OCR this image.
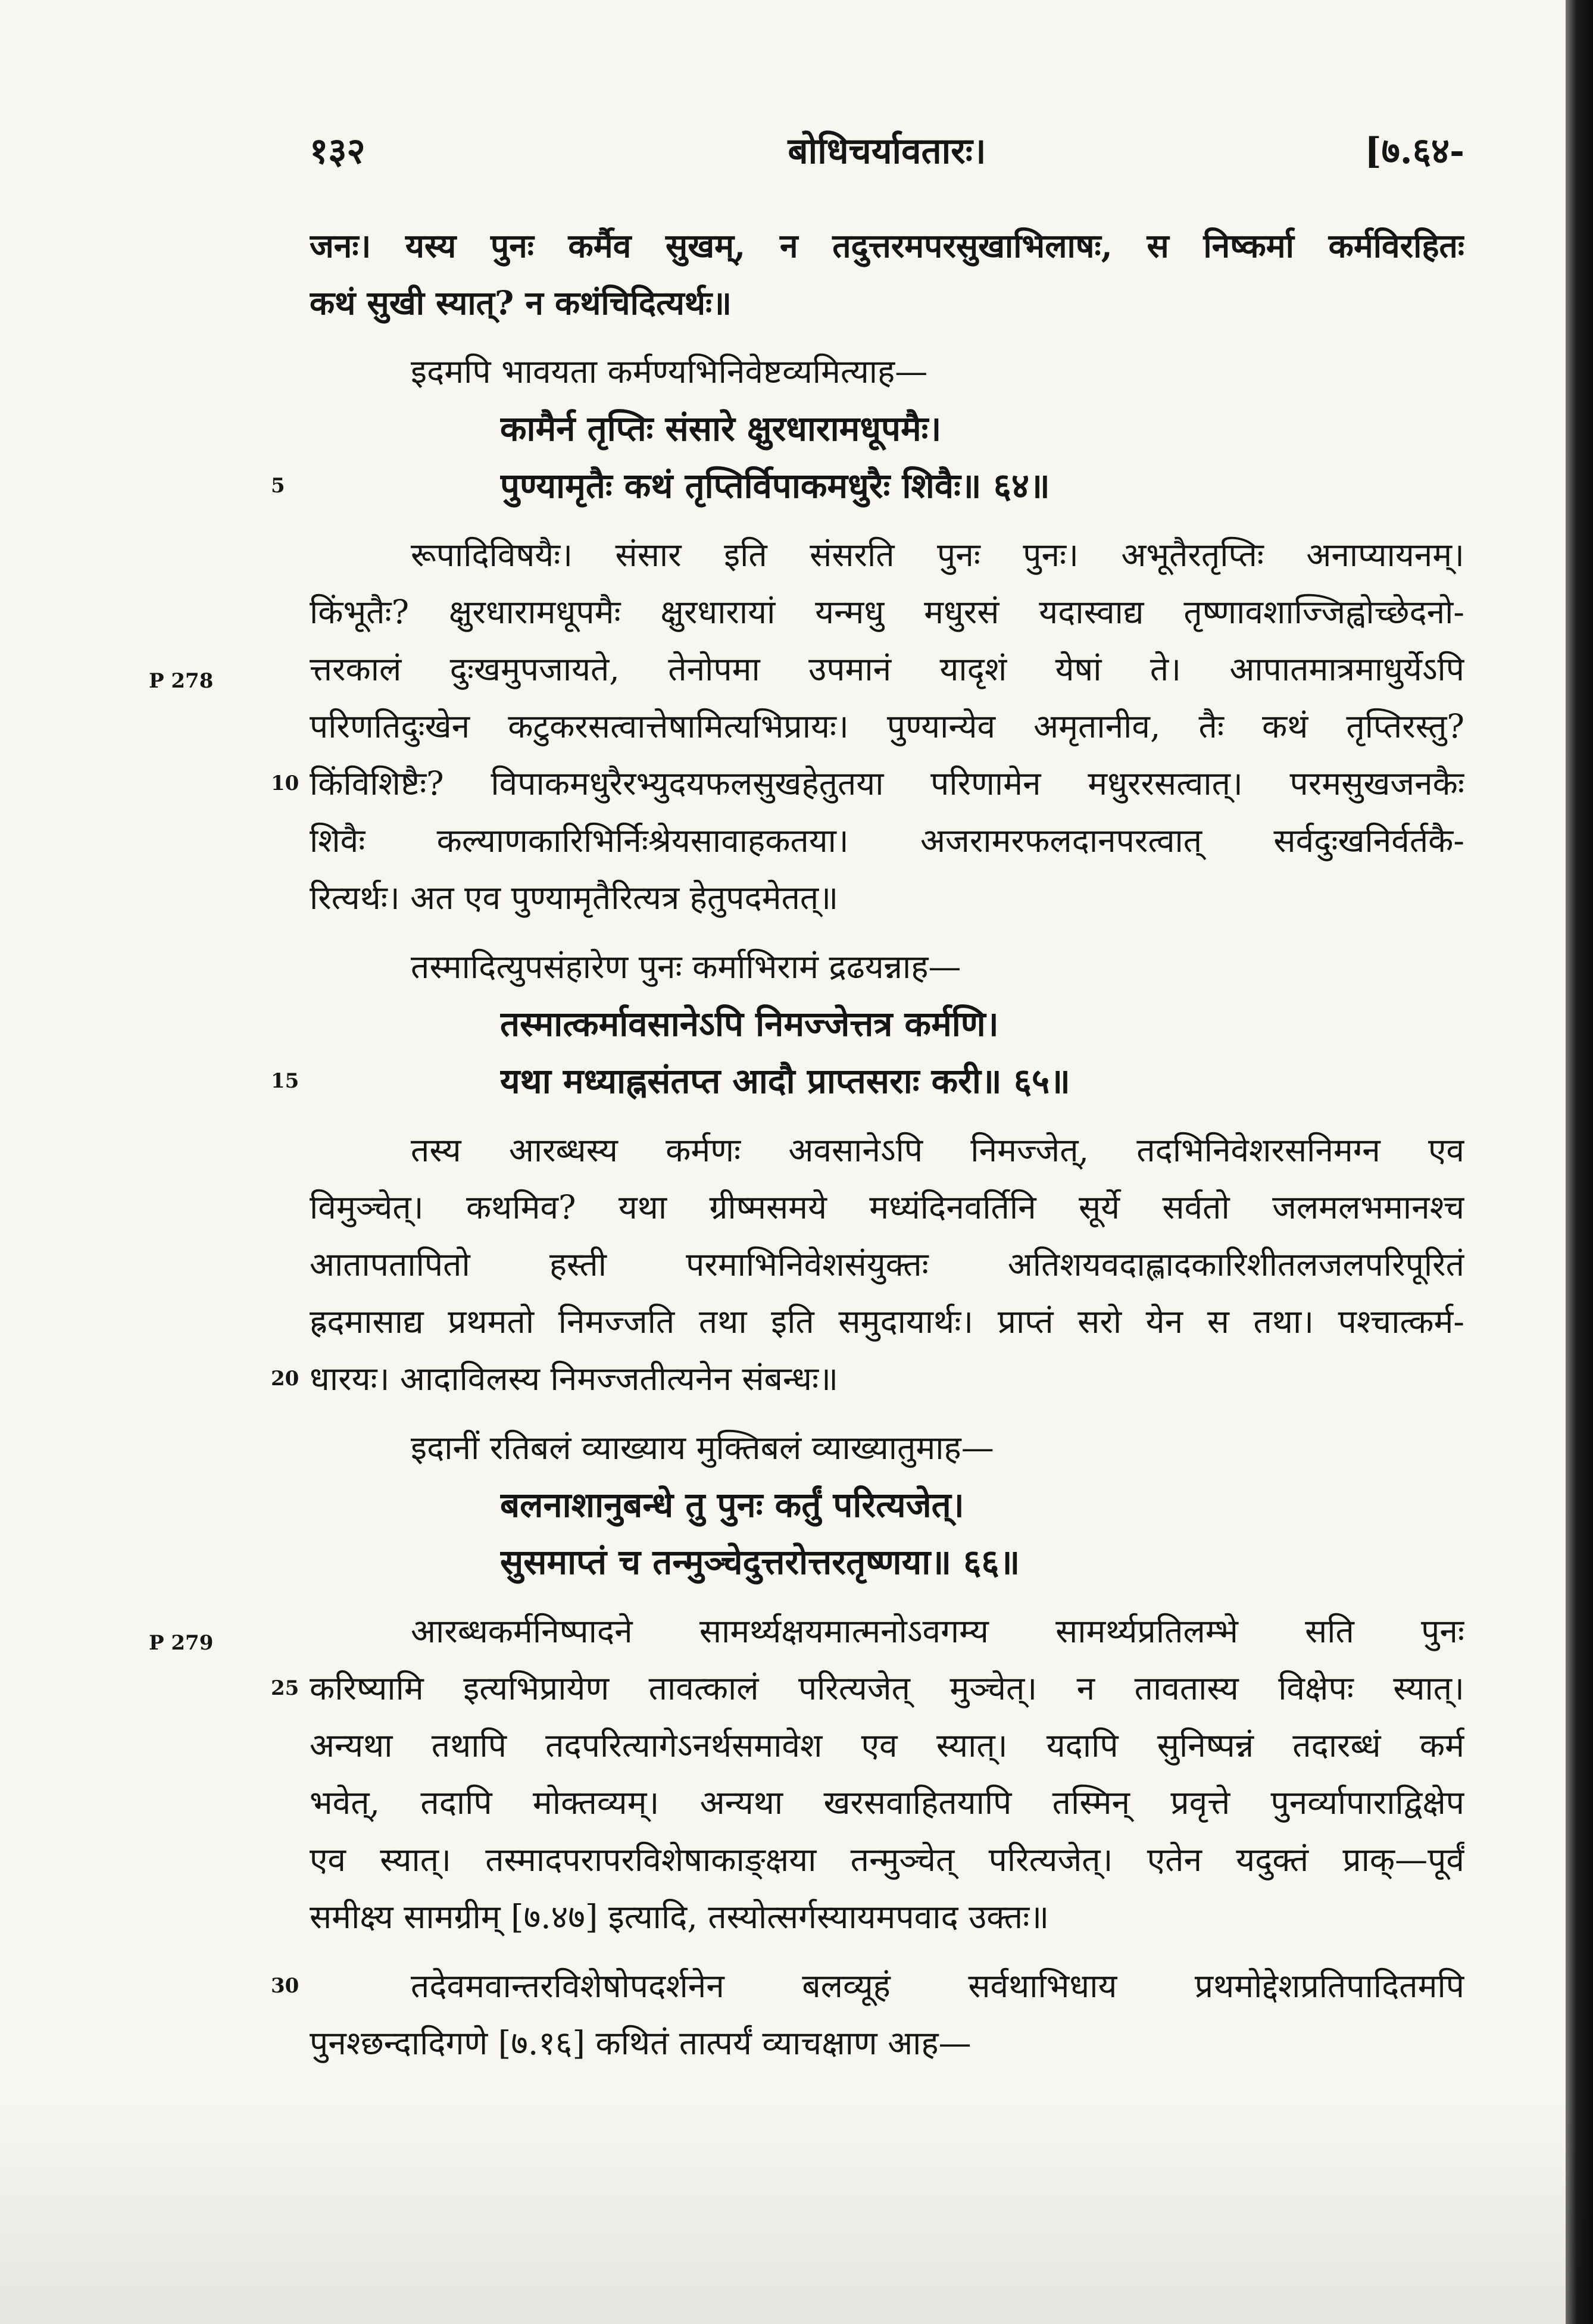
१३२	बोधिचर्यावतारः।	[७.६४-
जनः। यस्य पुनः कर्मैव सुखम्, न तदुत्तरमपरसुखाभिलाषः, स निष्कर्मा कर्मविरहितः
कथं सुखी स्यात्? न कथंचिदित्यर्थः॥
इदमपि भावयता कर्मण्यभिनिवेष्टव्यमित्याह—
कामैर्न तृप्तिः संसारे क्षुरधारामधूपमैः।
पुण्यामृतैः कथं तृप्तिर्विपाकमधुरैः शिवैः॥ ६४॥
रूपादिविषयैः। संसार इति संसरति पुनः पुनः। अभूतैरतृप्तिः अनाप्यायनम्।
किंभूतैः? क्षुरधारामधूपमैः क्षुरधारायां यन्मधु मधुरसं यदास्वाद्य तृष्णावशाज्जिह्वोच्छेदनो-
त्तरकालं दुःखमुपजायते, तेनोपमा उपमानं यादृशं येषां ते। आपातमात्रमाधुर्येऽपि
परिणतिदुःखेन कटुकरसत्वात्तेषामित्यभिप्रायः। पुण्यान्येव अमृतानीव, तैः कथं तृप्तिरस्तु?
किंविशिष्टैः? विपाकमधुरैरभ्युदयफलसुखहेतुतया परिणामेन मधुररसत्वात्। परमसुखजनकैः
शिवैः कल्याणकारिभिर्निःश्रेयसावाहकतया। अजरामरफलदानपरत्वात् सर्वदुःखनिर्वर्तकै-
रित्यर्थः। अत एव पुण्यामृतैरित्यत्र हेतुपदमेतत्॥
तस्मादित्युपसंहारेण पुनः कर्माभिरामं द्रढयन्नाह—
तस्मात्कर्मावसानेऽपि निमज्जेत्तत्र कर्मणि।
यथा मध्याह्नसंतप्त आदौ प्राप्तसराः करी॥ ६५॥
तस्य आरब्धस्य कर्मणः अवसानेऽपि निमज्जेत्, तदभिनिवेशरसनिमग्न एव
विमुञ्चेत्। कथमिव? यथा ग्रीष्मसमये मध्यंदिनवर्तिनि सूर्ये सर्वतो जलमलभमानश्च
आतापतापितो हस्ती परमाभिनिवेशसंयुक्तः अतिशयवदाह्लादकारिशीतलजलपरिपूरितं
ह्रदमासाद्य प्रथमतो निमज्जति तथा इति समुदायार्थः। प्राप्तं सरो येन स तथा। पश्चात्कर्म-
धारयः। आदाविलस्य निमज्जतीत्यनेन संबन्धः॥
इदानीं रतिबलं व्याख्याय मुक्तिबलं व्याख्यातुमाह—
बलनाशानुबन्धे तु पुनः कर्तुं परित्यजेत्।
सुसमाप्तं च तन्मुञ्चेदुत्तरोत्तरतृष्णया॥ ६६॥
आरब्धकर्मनिष्पादने सामर्थ्यक्षयमात्मनोऽवगम्य सामर्थ्यप्रतिलम्भे सति पुनः
करिष्यामि इत्यभिप्रायेण तावत्कालं परित्यजेत् मुञ्चेत्। न तावतास्य विक्षेपः स्यात्।
अन्यथा तथापि तदपरित्यागेऽनर्थसमावेश एव स्यात्। यदापि सुनिष्पन्नं तदारब्धं कर्म
भवेत्, तदापि मोक्तव्यम्। अन्यथा खरसवाहितयापि तस्मिन् प्रवृत्ते पुनर्व्यापाराद्विक्षेप
एव स्यात्। तस्मादपरापरविशेषाकाङ्क्षया तन्मुञ्चेत् परित्यजेत्। एतेन यदुक्तं प्राक्—पूर्वं
समीक्ष्य सामग्रीम् [७.४७] इत्यादि, तस्योत्सर्गस्यायमपवाद उक्तः॥
तदेवमवान्तरविशेषोपदर्शनेन बलव्यूहं सर्वथाभिधाय प्रथमोद्देशप्रतिपादितमपि
पुनश्छन्दादिगणे [७.१६] कथितं तात्पर्यं व्याचक्षाण आह—
5
10
15
20
25
30
P 278
P 279
